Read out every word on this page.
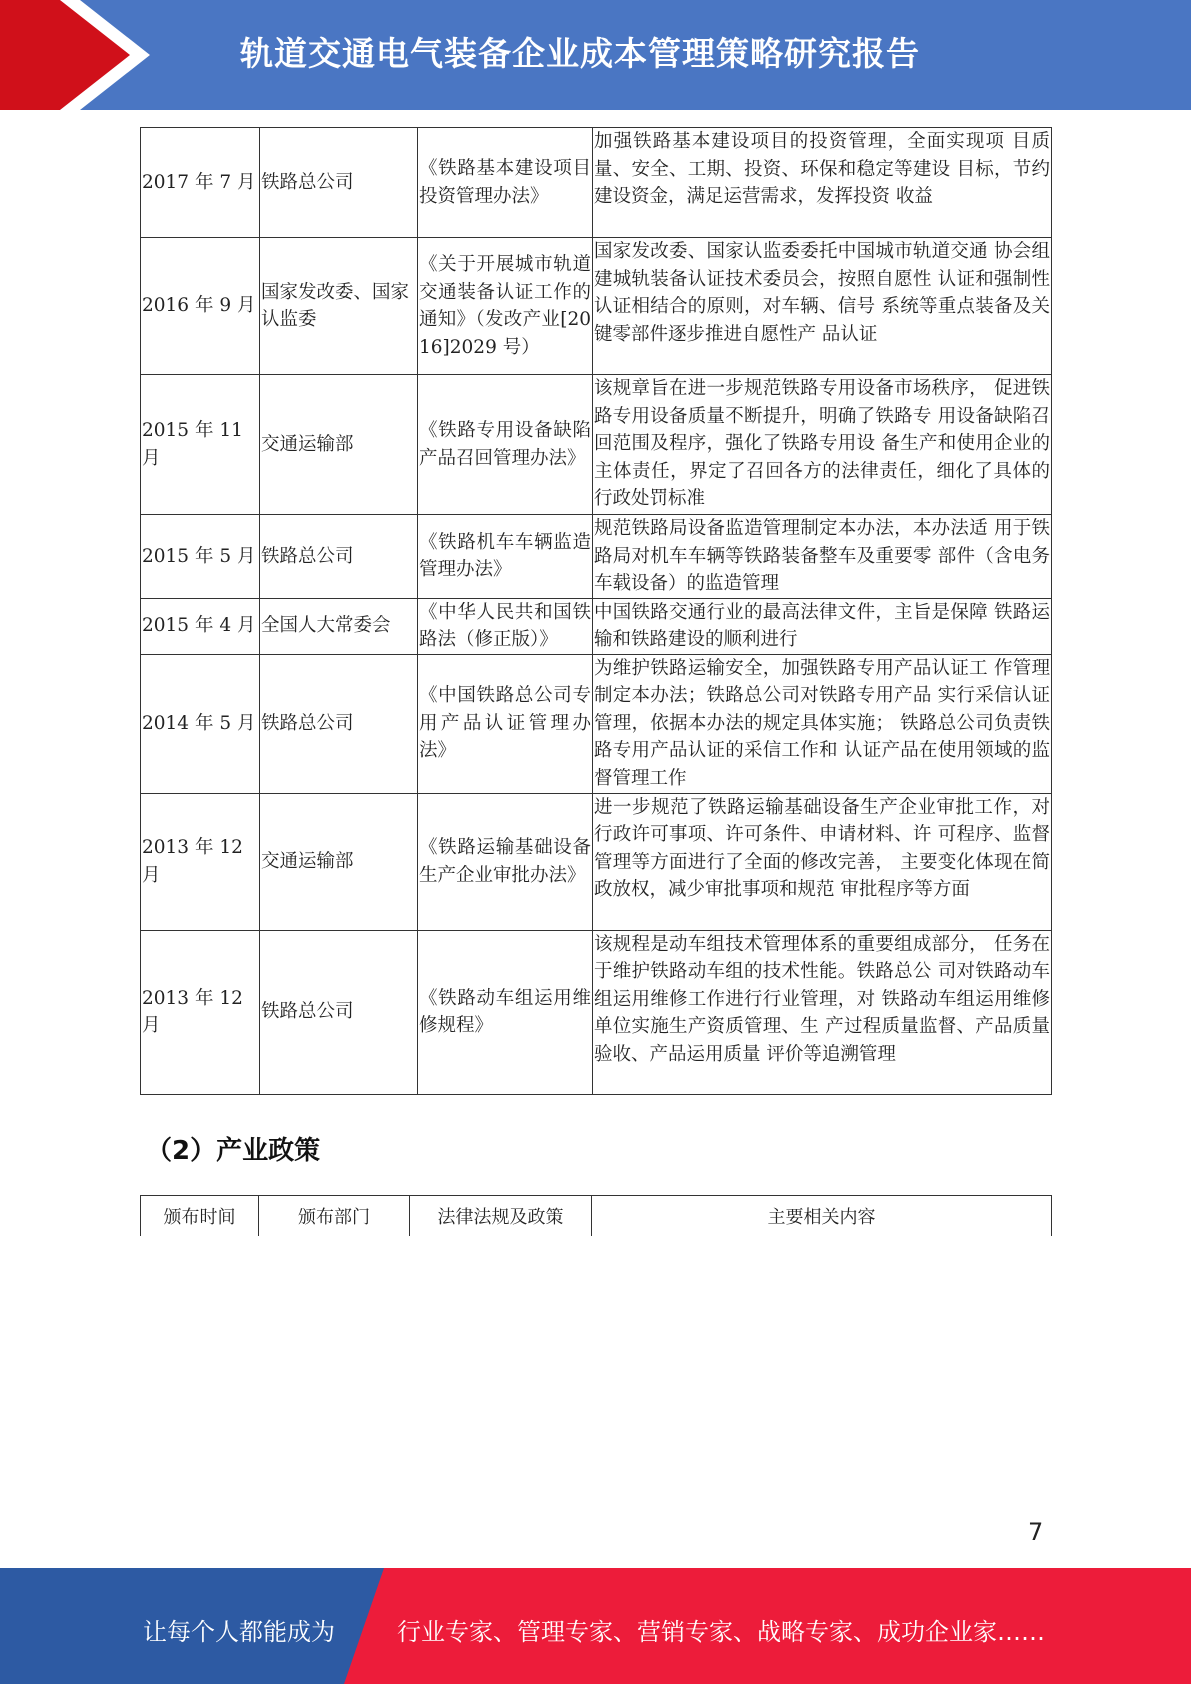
轨道交通电气装备企业成本管理策略研究报告
2017 年 7 月	铁路总公司	《铁路基本建设项目投资管理办法》	加强铁路基本建设项目的投资管理，全面实现项 目质量、安全、工期、投资、环保和稳定等建设 目标，节约建设资金，满足运营需求，发挥投资 收益
2016 年 9 月	国家发改委、国家认监委	《关于开展城市轨道交通装备认证工作的通知》（发改产业[2016]2029 号）	国家发改委、国家认监委委托中国城市轨道交通 协会组建城轨装备认证技术委员会，按照自愿性 认证和强制性认证相结合的原则，对车辆、信号 系统等重点装备及关键零部件逐步推进自愿性产 品认证
2015 年 11 月	交通运输部	《铁路专用设备缺陷产品召回管理办法》	该规章旨在进一步规范铁路专用设备市场秩序， 促进铁路专用设备质量不断提升，明确了铁路专 用设备缺陷召回范围及程序，强化了铁路专用设 备生产和使用企业的主体责任，界定了召回各方的法律责任，细化了具体的行政处罚标准
2015 年 5 月	铁路总公司	《铁路机车车辆监造管理办法》	规范铁路局设备监造管理制定本办法，本办法适 用于铁路局对机车车辆等铁路装备整车及重要零 部件（含电务车载设备）的监造管理
2015 年 4 月	全国人大常委会	《中华人民共和国铁路法（修正版）》	中国铁路交通行业的最高法律文件，主旨是保障 铁路运输和铁路建设的顺利进行
2014 年 5 月	铁路总公司	《中国铁路总公司专用产品认证管理办法》	为维护铁路运输安全，加强铁路专用产品认证工 作管理制定本办法；铁路总公司对铁路专用产品 实行采信认证管理，依据本办法的规定具体实施； 铁路总公司负责铁路专用产品认证的采信工作和 认证产品在使用领域的监督管理工作
2013 年 12 月	交通运输部	《铁路运输基础设备生产企业审批办法》	进一步规范了铁路运输基础设备生产企业审批工作，对行政许可事项、许可条件、申请材料、许 可程序、监督管理等方面进行了全面的修改完善， 主要变化体现在简政放权，减少审批事项和规范 审批程序等方面
2013 年 12 月	铁路总公司	《铁路动车组运用维修规程》	该规程是动车组技术管理体系的重要组成部分， 任务在于维护铁路动车组的技术性能。铁路总公 司对铁路动车组运用维修工作进行行业管理，对 铁路动车组运用维修单位实施生产资质管理、生 产过程质量监督、产品质量验收、产品运用质量 评价等追溯管理
（2）产业政策
颁布时间	颁布部门	法律法规及政策	主要相关内容
7
让每个人都能成为	行业专家、管理专家、营销专家、战略专家、成功企业家……
